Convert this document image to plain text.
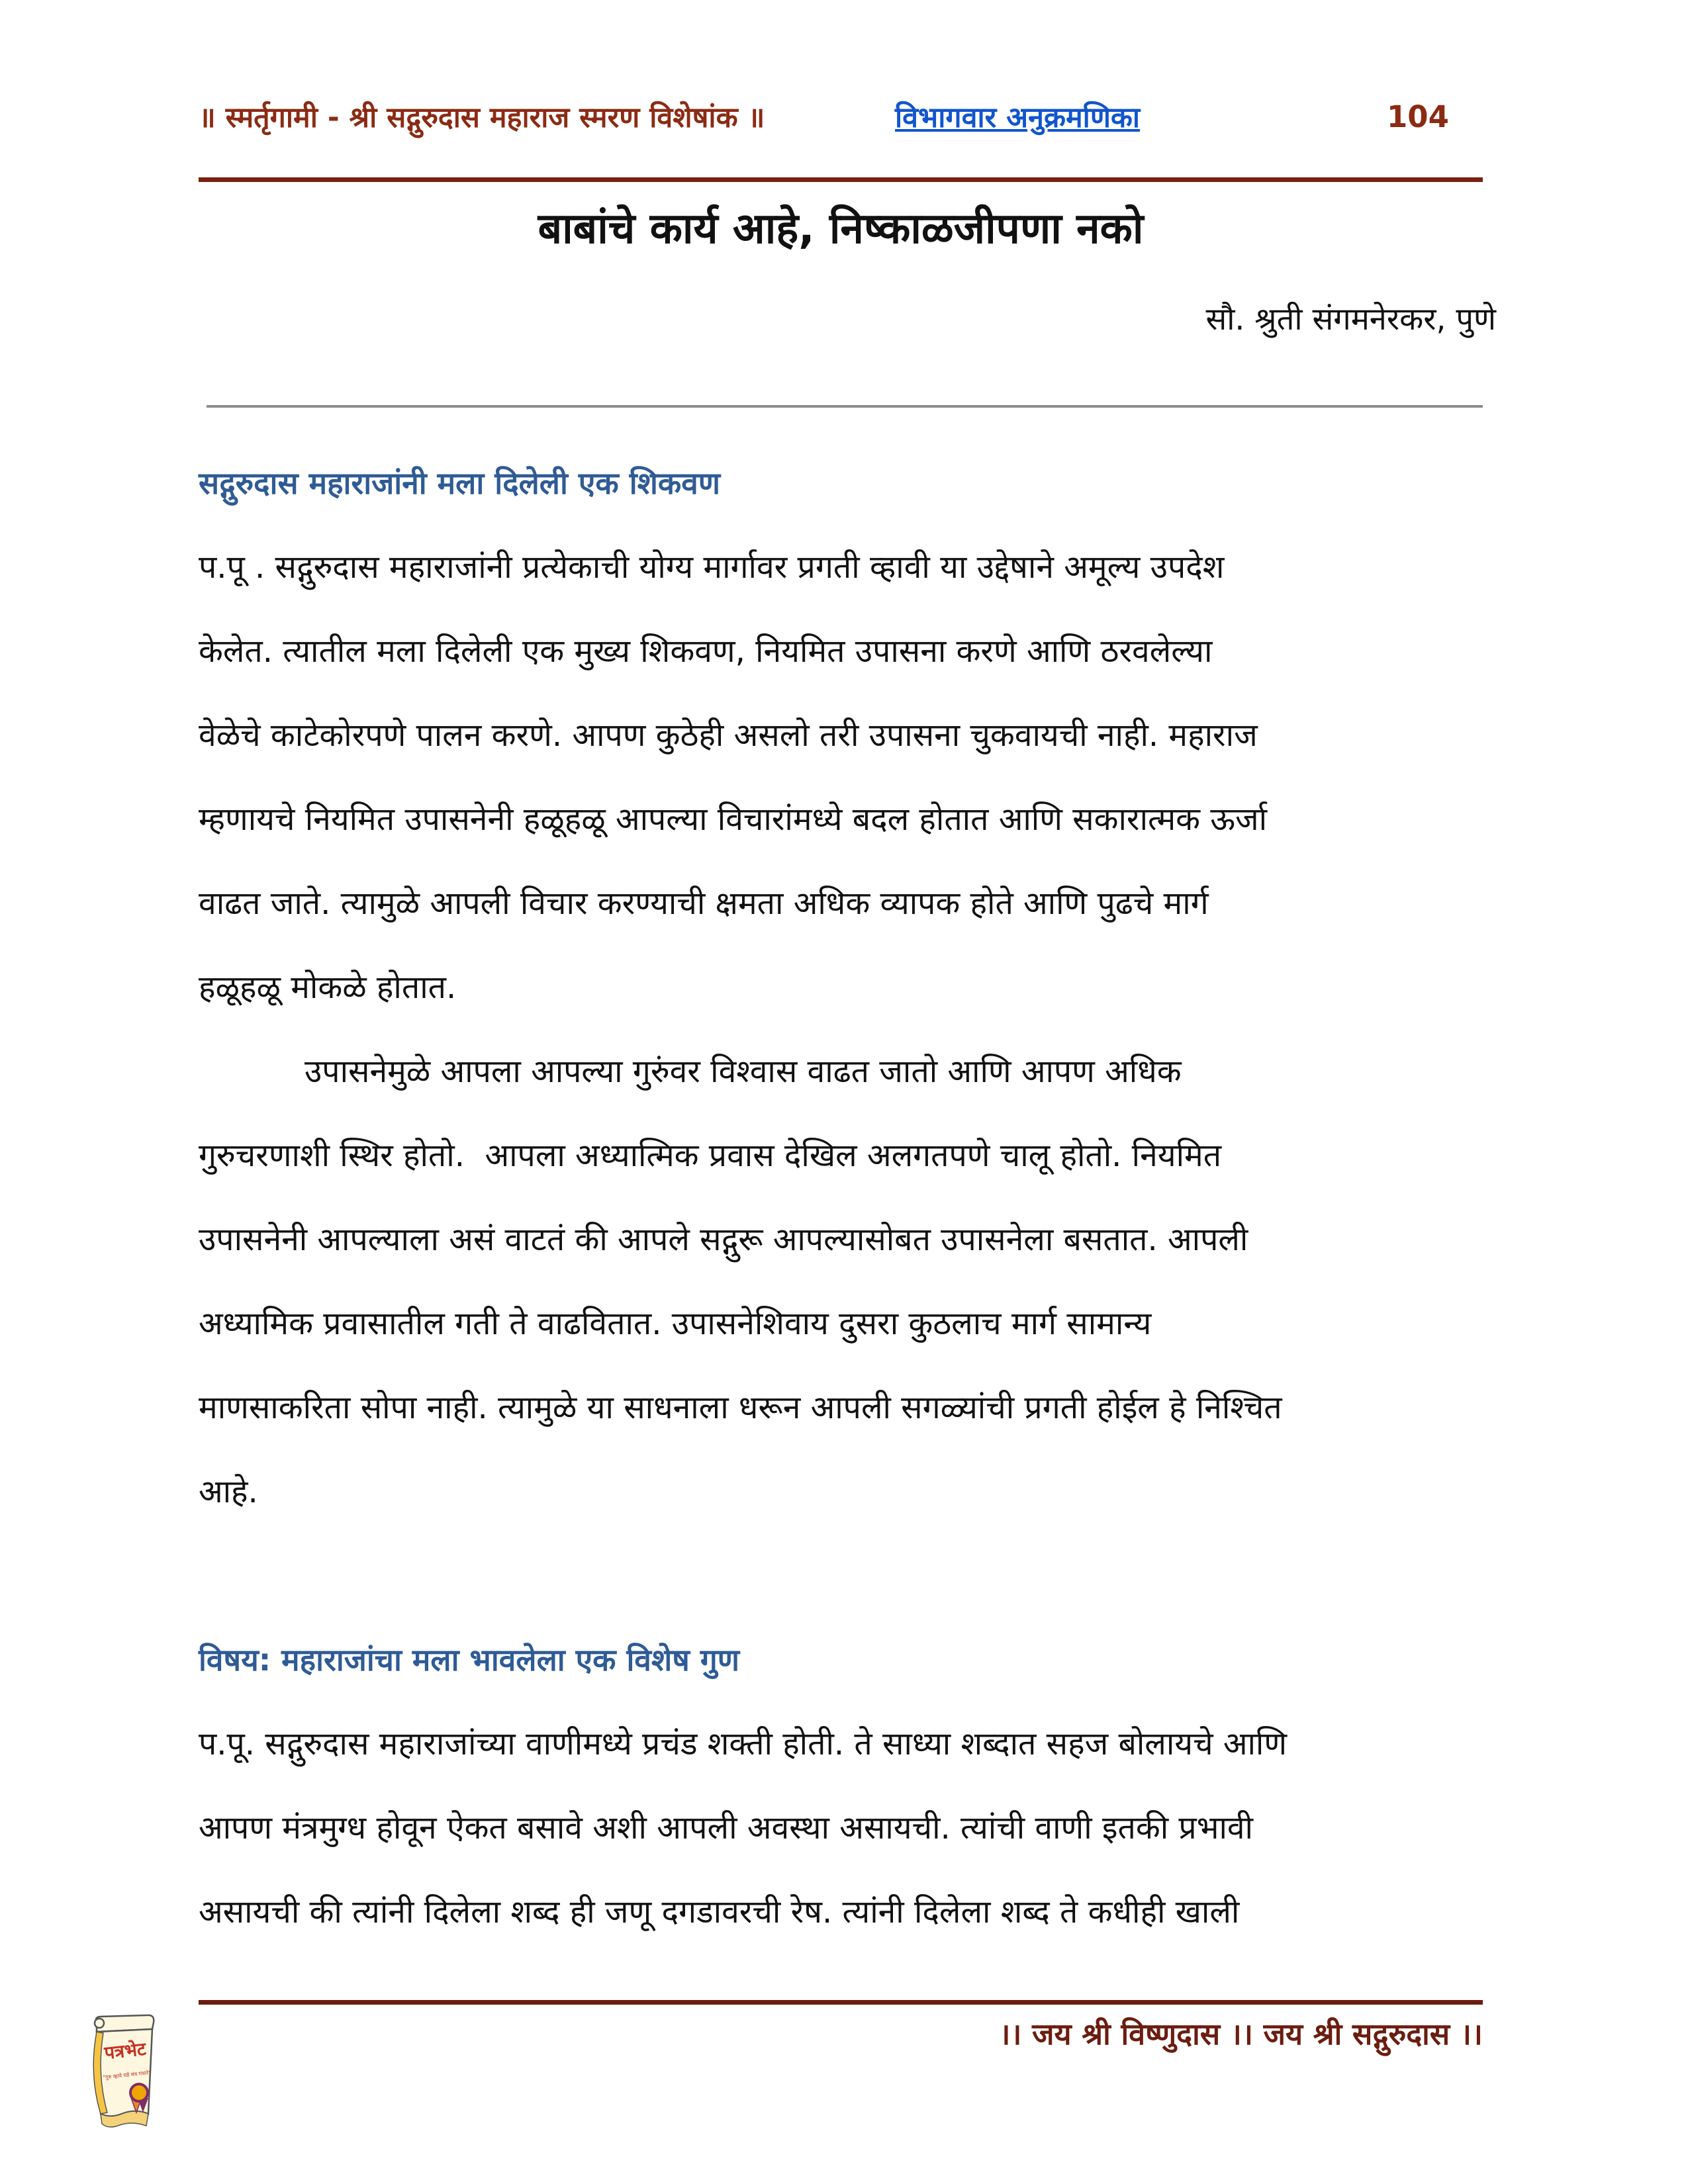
॥ स्मर्तृगामी - श्री सद्गुरुदास महाराज स्मरण विशेषांक ॥	विभागवार अनुक्रमणिका	104
बाबांचे कार्य आहे, निष्काळजीपणा नको
सौ. श्रुती संगमनेरकर, पुणे
सद्गुरुदास महाराजांनी मला दिलेली एक शिकवण
प.पू . सद्गुरुदास महाराजांनी प्रत्येकाची योग्य मार्गावर प्रगती व्हावी या उद्देषाने अमूल्य उपदेश
केलेत. त्यातील मला दिलेली एक मुख्य शिकवण, नियमित उपासना करणे आणि ठरवलेल्या
वेळेचे काटेकोरपणे पालन करणे. आपण कुठेही असलो तरी उपासना चुकवायची नाही. महाराज
म्हणायचे नियमित उपासनेनी हळूहळू आपल्या विचारांमध्ये बदल होतात आणि सकारात्मक ऊर्जा
वाढत जाते. त्यामुळे आपली विचार करण्याची क्षमता अधिक व्यापक होते आणि पुढचे मार्ग
हळूहळू मोकळे होतात.
उपासनेमुळे आपला आपल्या गुरुंवर विश्वास वाढत जातो आणि आपण अधिक
गुरुचरणाशी स्थिर होतो.  आपला अध्यात्मिक प्रवास देखिल अलगतपणे चालू होतो. नियमित
उपासनेनी आपल्याला असं वाटतं की आपले सद्गुरू आपल्यासोबत उपासनेला बसतात. आपली
अध्यामिक प्रवासातील गती ते वाढवितात. उपासनेशिवाय दुसरा कुठलाच मार्ग सामान्य
माणसाकरिता सोपा नाही. त्यामुळे या साधनाला धरून आपली सगळ्यांची प्रगती होईल हे निश्चित
आहे.
विषय: महाराजांचा मला भावलेला एक विशेष गुण
प.पू. सद्गुरुदास महाराजांच्या वाणीमध्ये प्रचंड शक्ती होती. ते साध्या शब्दात सहज बोलायचे आणि
आपण मंत्रमुग्ध होवून ऐकत बसावे अशी आपली अवस्था असायची. त्यांची वाणी इतकी प्रभावी
असायची की त्यांनी दिलेला शब्द ही जणू दगडावरची रेष. त्यांनी दिलेला शब्द ते कधीही खाली
।। जय श्री विष्णुदास ।। जय श्री सद्गुरुदास ।।
पत्रभेट
"गुरु व्हावे घडे मंत्र गंधारे"
